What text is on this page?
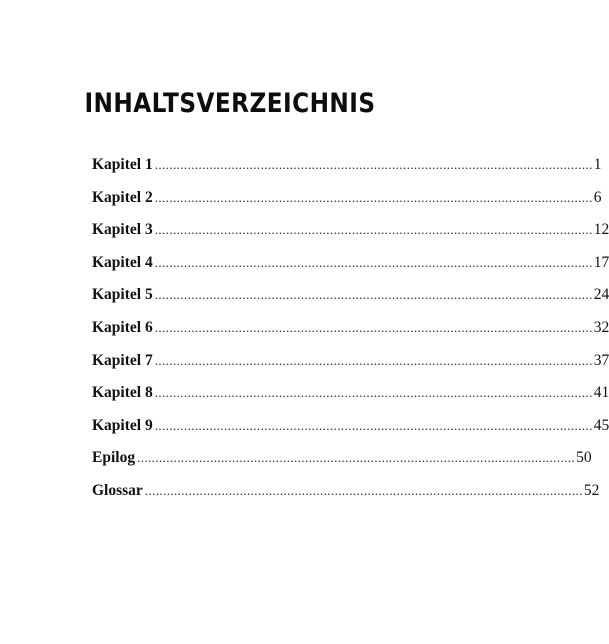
INHALTSVERZEICHNIS
Kapitel 1 ........................................................................................................................ 1
Kapitel 2 ........................................................................................................................ 6
Kapitel 3 ........................................................................................................................ 12
Kapitel 4 ........................................................................................................................ 17
Kapitel 5 ........................................................................................................................ 24
Kapitel 6 ........................................................................................................................ 32
Kapitel 7 ........................................................................................................................ 37
Kapitel 8 ........................................................................................................................ 41
Kapitel 9 ........................................................................................................................ 45
Epilog ........................................................................................................................ 50
Glossar ........................................................................................................................ 52
